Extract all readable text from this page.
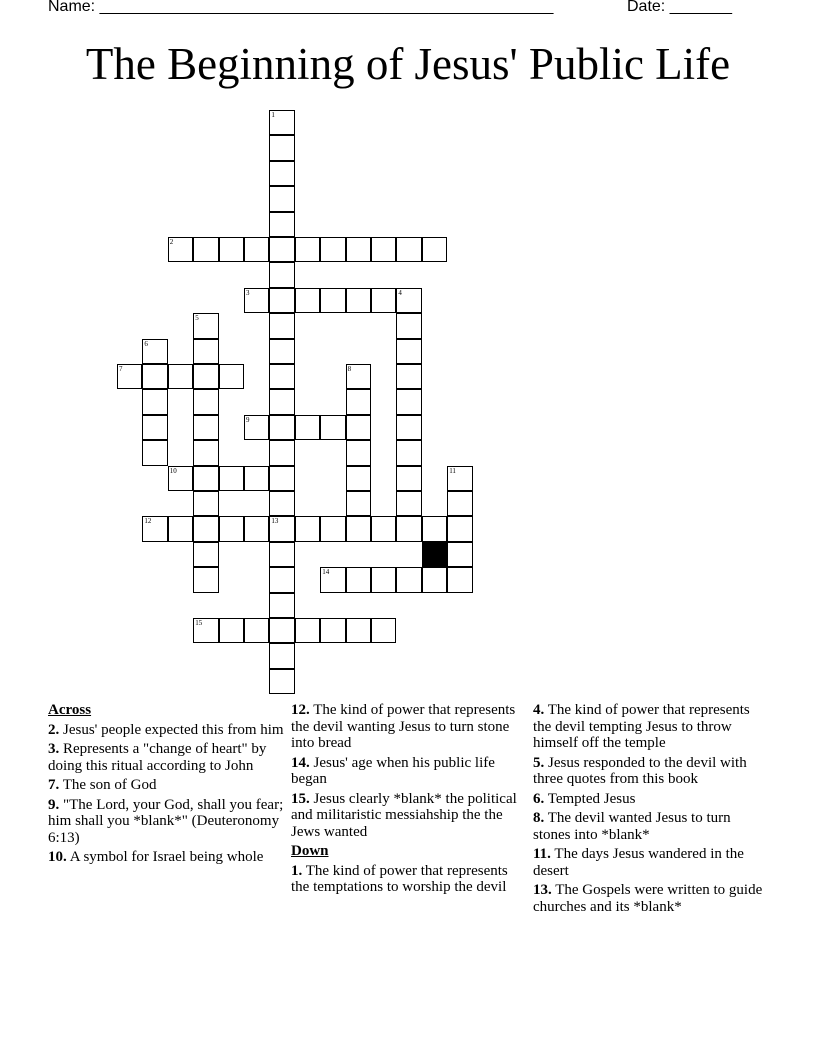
Name: ___________________________________________________	Date: _______
The Beginning of Jesus' Public Life
1
13
2
3	4
5
6
7	8
9
10	11
12
14
15
Across
2. Jesus' people expected this from him
3. Represents a "change of heart" by doing this ritual according to John
7. The son of God
9. "The Lord, your God, shall you fear; him shall you *blank*" (Deuteronomy 6:13)
10. A symbol for Israel being whole
12. The kind of power that represents the devil wanting Jesus to turn stone into bread
14. Jesus' age when his public life began
15. Jesus clearly *blank* the political and militaristic messiahship the the Jews wanted
Down
1. The kind of power that represents the temptations to worship the devil
4. The kind of power that represents the devil tempting Jesus to throw himself off the temple
5. Jesus responded to the devil with three quotes from this book
6. Tempted Jesus
8. The devil wanted Jesus to turn stones into *blank*
11. The days Jesus wandered in the desert
13. The Gospels were written to guide churches and its *blank*
